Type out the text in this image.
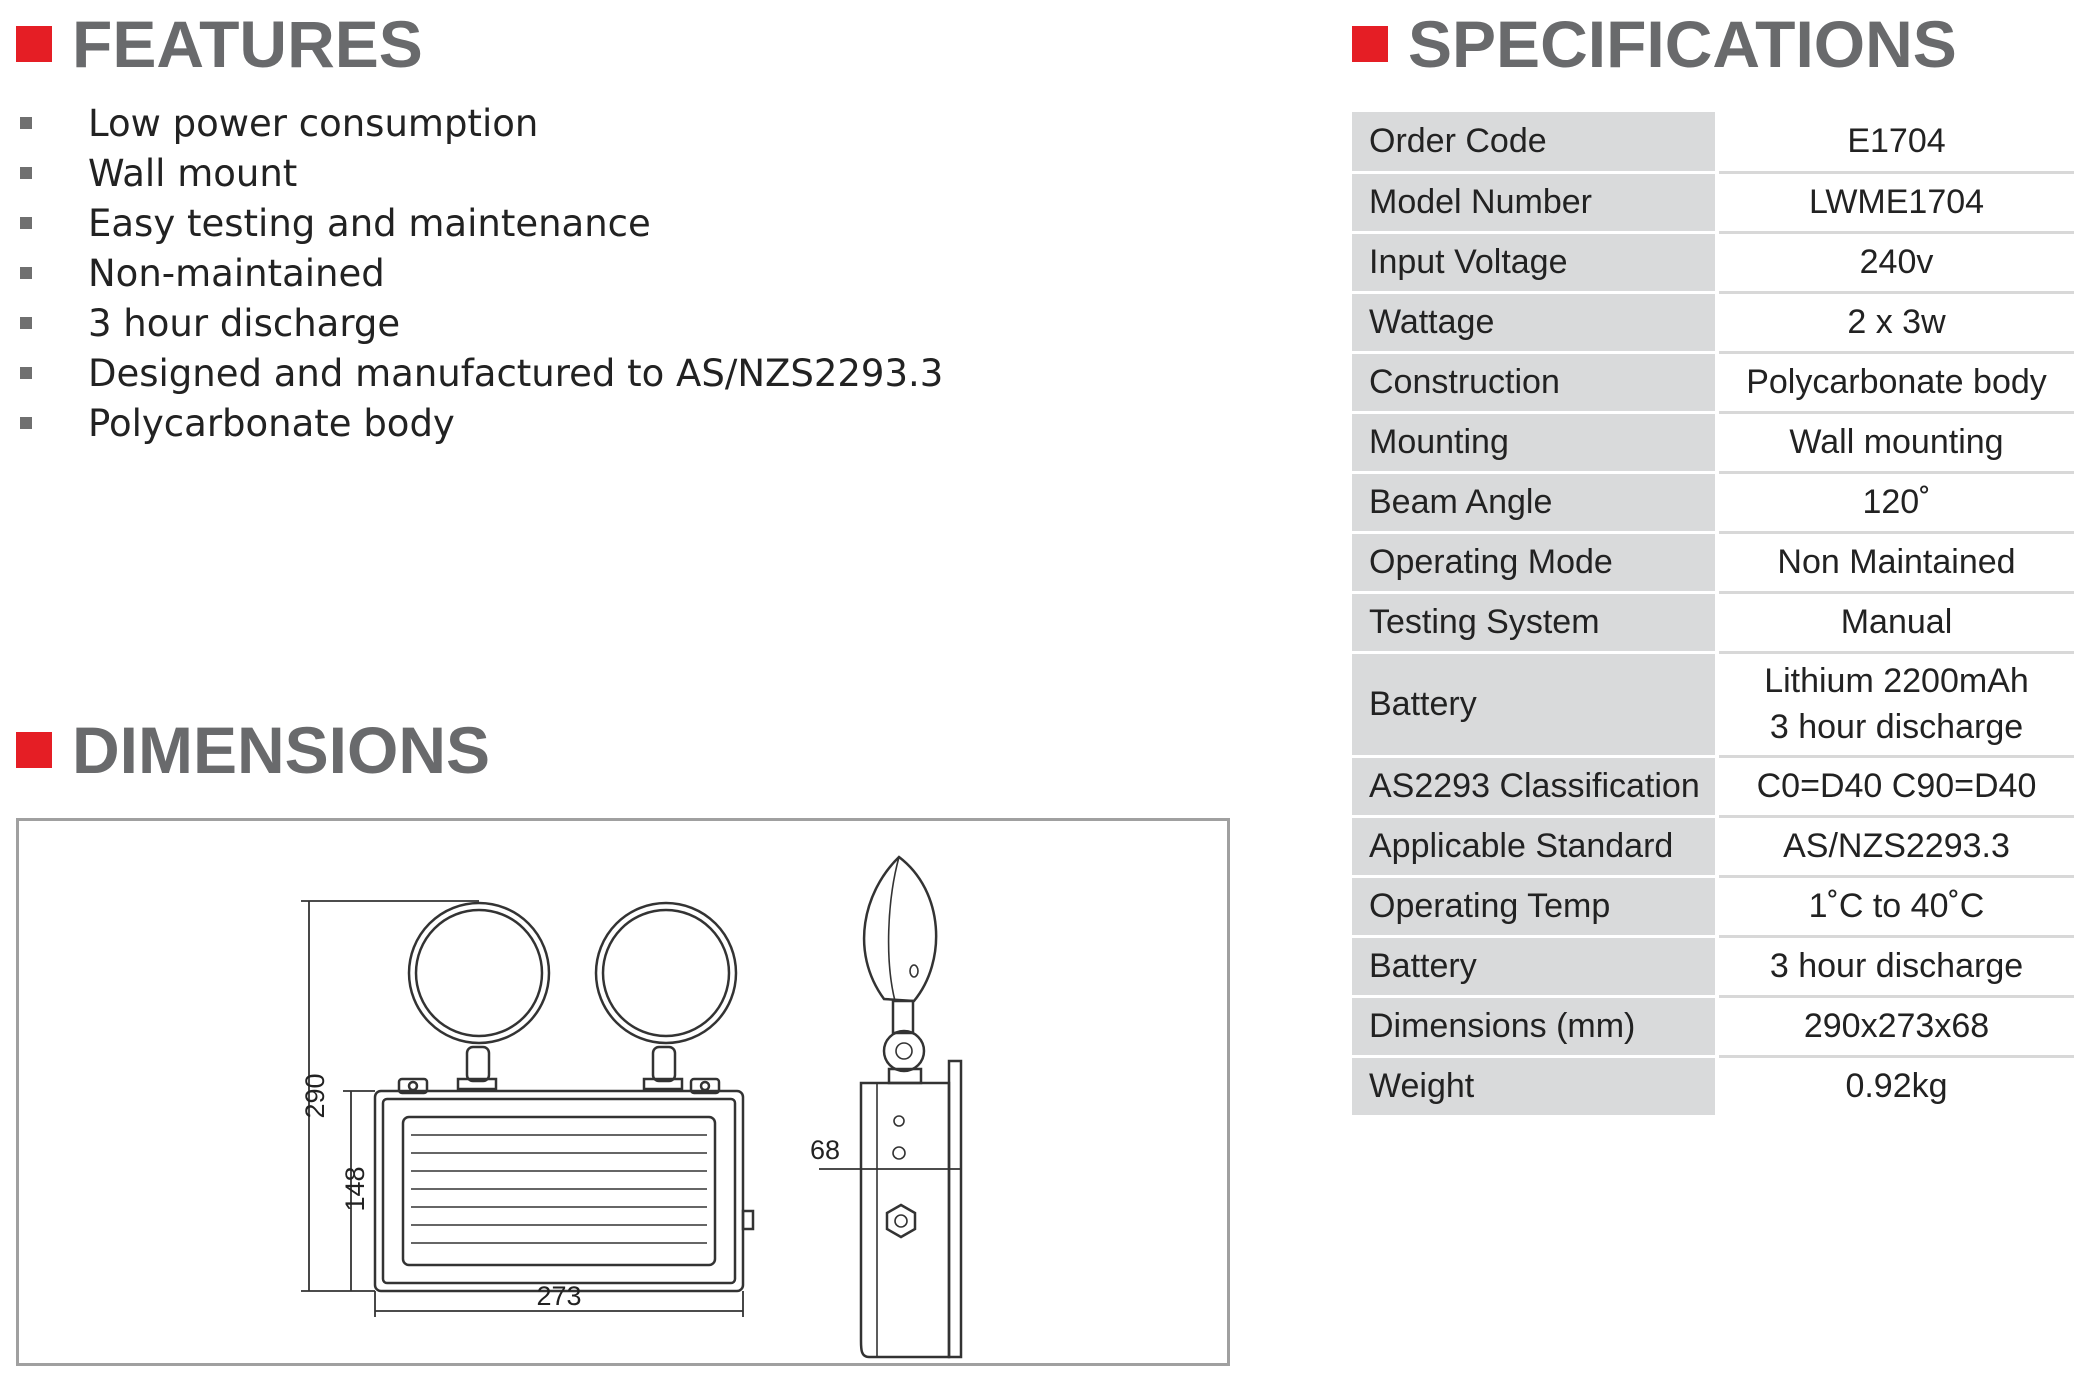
FEATURES
Low power consumption
Wall mount
Easy testing and maintenance
Non-maintained
3 hour discharge
Designed and manufactured to AS/NZS2293.3
Polycarbonate body
DIMENSIONS
290
148
273
68
SPECIFICATIONS
Order Code	E1704
Model Number	LWME1704
Input Voltage	240v
Wattage	2 x 3w
Construction	Polycarbonate body
Mounting	Wall mounting
Beam Angle	120˚
Operating Mode	Non Maintained
Testing System	Manual
Battery	Lithium 2200mAh
3 hour discharge

AS2293 Classification	C0=D40 C90=D40
Applicable Standard	AS/NZS2293.3
Operating Temp	1˚C to 40˚C
Battery	3 hour discharge
Dimensions (mm)	290x273x68
Weight	0.92kg
